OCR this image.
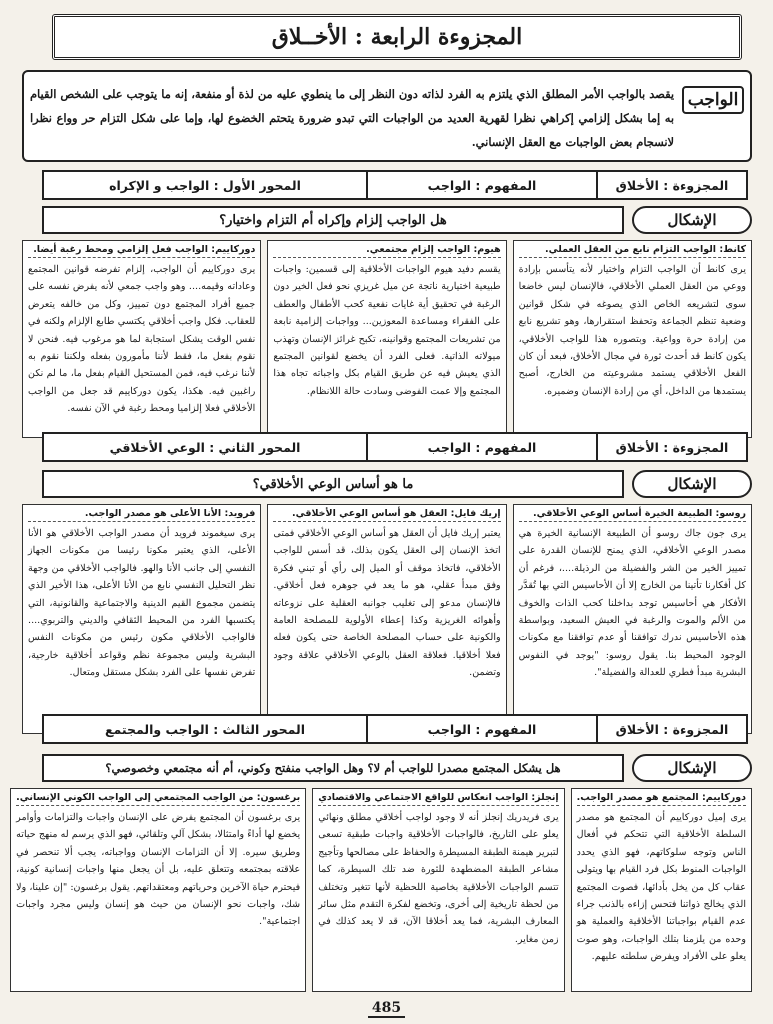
المجزوءة الرابعة : الأخــلاق
الواجب
يقصد بالواجب الأمر المطلق الذي يلتزم به الفرد لذاته دون النظر إلى ما ينطوي عليه من لذة أو منفعة، إنه ما يتوجب على الشخص القيام به إما بشكل إلزامي إكراهي نظرا لقهرية العديد من الواجبات التي تبدو ضرورة يتحتم الخضوع لها، وإما على شكل التزام حر وواع نظرا لانسجام بعض الواجبات مع العقل الإنساني.
المجزوءة : الأخلاق
المفهوم : الواجب
المحور الأول : الواجب و الإكراه
الإشكال
هل الواجب إلزام وإكراه أم التزام واختيار؟
كانط: الواجب التزام نابع من العقل العملي.
يرى كانط أن الواجب التزام واختيار لأنه يتأسس بإرادة ووعي من العقل العملي الأخلاقي، فالإنسان ليس خاضعا سوى لتشريعه الخاص الذي يصوغه في شكل قوانين وضعية تنظم الجماعة وتحفظ استقرارها، وهو تشريع نابع من إرادة حرة وواعية. وبتصوره هذا للواجب الأخلاقي، يكون كانط قد أحدث ثورة في مجال الأخلاق، فبعد أن كان الفعل الأخلاقي يستمد مشروعيته من الخارج، أصبح يستمدها من الداخل، أي من إرادة الإنسان وضميره.
هيوم: الواجب إلزام مجتمعي.
يقسم دفيد هيوم الواجبات الأخلاقية إلى قسمين: واجبات طبيعية اختيارية ناتجة عن ميل غريزي نحو فعل الخير دون الرغبة في تحقيق أية غايات نفعية كحب الأطفال والعطف على الفقراء ومساعدة المعوزين... وواجبات إلزامية نابعة من تشريعات المجتمع وقوانينه، تكبح غرائز الإنسان وتهذب ميولاته الذاتية. فعلى الفرد أن يخضع لقوانين المجتمع الذي يعيش فيه عن طريق القيام بكل واجباته تجاه هذا المجتمع وإلا عمت الفوضى وسادت حالة اللانظام.
دوركاييم: الواجب فعل إلزامي ومحط رغبة أيضا.
يرى دوركاييم أن الواجب، إلزام تفرضه قوانين المجتمع وعاداته وقيمه.... وهو واجب جمعي لأنه يفرض نفسه على جميع أفراد المجتمع دون تمييز، وكل من خالفه يتعرض للعقاب. فكل واجب أخلاقي يكتسي طابع الإلزام ولكنه في نفس الوقت يشكل استجابة لما هو مرغوب فيه. فنحن لا نقوم بفعل ما، فقط لأننا مأمورون بفعله ولكننا نقوم به لأننا نرغب فيه، فمن المستحيل القيام بفعل ما، ما لم نكن راغبين فيه. هكذا، يكون دوركاييم قد جعل من الواجب الأخلاقي فعلا إلزاميا ومحط رغبة في الآن نفسه.
المجزوءة : الأخلاق
المفهوم : الواجب
المحور الثاني : الوعي الأخلاقي
الإشكال
ما هو أساس الوعي الأخلاقي؟
روسو: الطبيعة الخيرة أساس الوعي الأخلاقي.
يرى جون جاك روسو أن الطبيعة الإنسانية الخيرة هي مصدر الوعي الأخلاقي، الذي يمنح للإنسان القدرة على تمييز الخير من الشر والفضيلة من الرذيلة....، فرغم أن كل أفكارنا تأتينا من الخارج إلا أن الأحاسيس التي بها تُقدَّر الأفكار هي أحاسيس توجد بداخلنا كحب الذات والخوف من الألم والموت والرغبة في العيش السعيد، وبواسطة هذه الأحاسيس ندرك توافقنا أو عدم توافقنا مع مكونات الوجود المحيط بنا. يقول روسو: "يوجد في النفوس البشرية مبدأ فطري للعدالة والفضيلة".
إريك فايل: العقل هو أساس الوعي الأخلاقي.
يعتبر إريك فايل أن العقل هو أساس الوعي الأخلاقي فمتى اتخذ الإنسان إلى العقل يكون بذلك، قد أسس للواجب الأخلاقي، فاتخاذ موقف أو الميل إلى رأي أو تبني فكرة وفق مبدأ عقلي، هو ما يعد في جوهره فعل أخلاقي. فالإنسان مدعو إلى تغليب جوانبه العقلية على نزوعاته وأهوائه الغريزية وكذا إعطاء الأولوية للمصلحة العامة والكونية على حساب المصلحة الخاصة حتى يكون فعله فعلا أخلاقيا. فعلاقة العقل بالوعي الأخلاقي علاقة وجود وتضمن.
فرويد: الأنا الأعلى هو مصدر الواجب.
يرى سيغموند فرويد أن مصدر الواجب الأخلاقي هو الأنا الأعلى، الذي يعتبر مكونا رئيسا من مكونات الجهاز النفسي إلى جانب الأنا والهو. فالواجب الأخلاقي من وجهة نظر التحليل النفسي نابع من الأنا الأعلى، هذا الأخير الذي يتضمن مجموع القيم الدينية والاجتماعية والقانونية، التي يكتسبها الفرد من المحيط الثقافي والديني والتربوي.... فالواجب الأخلاقي مكون رئيس من مكونات النفس البشرية وليس مجموعة نظم وقواعد أخلاقية خارجية، تفرض نفسها على الفرد بشكل مستقل ومتعال.
المجزوءة : الأخلاق
المفهوم : الواجب
المحور الثالث : الواجب والمجتمع
الإشكال
هل يشكل المجتمع مصدرا للواجب أم لا؟ وهل الواجب منفتح وكوني، أم أنه مجتمعي وخصوصي؟
دوركاييم: المجتمع هو مصدر الواجب.
يرى إميل دوركاييم أن المجتمع هو مصدر السلطة الأخلاقية التي تتحكم في أفعال الناس وتوجه سلوكاتهم، فهو الذي يحدد الواجبات المنوط بكل فرد القيام بها ويتولى عقاب كل من يخل بأدائها، فصوت المجتمع الذي يخالج ذواتنا فتحس إزاءه بالذنب جراء عدم القيام بواجباتنا الأخلاقية والعملية هو وحده من يلزمنا بتلك الواجبات، وهو صوت يعلو على الأفراد ويفرض سلطته عليهم.
إنجلز: الواجب انعكاس للواقع الاجتماعي والاقتصادي
يرى فريدريك إنجلز أنه لا وجود لواجب أخلاقي مطلق ونهائي يعلو على التاريخ، فالواجبات الأخلاقية واجبات طبقية تسعى لتبرير هيمنة الطبقة المسيطرة والحفاظ على مصالحها وتأجيج مشاعر الطبقة المضطهدة للثورة ضد تلك السيطرة، كما تتسم الواجبات الأخلاقية بخاصية اللحظية لأنها تتغير وتختلف من لحظة تاريخية إلى أخرى، وتخضع لفكرة التقدم مثل سائر المعارف البشرية، فما يعد أخلاقا الآن، قد لا يعد كذلك في زمن مغاير.
برغسون: من الواجب المجتمعي إلى الواجب الكوني الإنساني.
يرى برغسون أن المجتمع يفرض على الإنسان واجبات والتزامات وأوامر يخضع لها أداءً وامتثالا، بشكل آلي وتلقائي، فهو الذي يرسم له منهج حياته وطريق سيره. إلا أن التزامات الإنسان وواجباته، يجب ألا تنحصر في علاقته بمجتمعه وتتعلق عليه، بل أن يجعل منها واجبات إنسانية كونية، فيحترم حياة الآخرين وحرياتهم ومعتقداتهم. يقول برغسون: "إن علينا، ولا شك، واجبات نحو الإنسان من حيث هو إنسان وليس مجرد واجبات اجتماعية".
485
